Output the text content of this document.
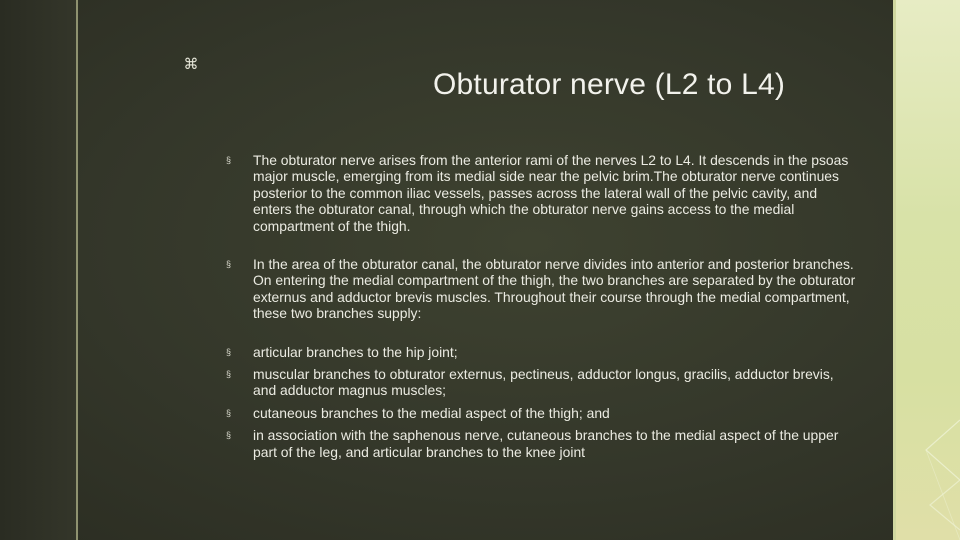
⌘
Obturator nerve (L2 to L4)
§	The obturator nerve arises from the anterior rami of the nerves L2 to L4. It descends in the psoas major muscle, emerging from its medial side near the pelvic brim.The obturator nerve continues posterior to the common iliac vessels, passes across the lateral wall of the pelvic cavity, and enters the obturator canal, through which the obturator nerve gains access to the medial compartment of the thigh.
§	In the area of the obturator canal, the obturator nerve divides into anterior and posterior branches. On entering the medial compartment of the thigh, the two branches are separated by the obturator externus and adductor brevis muscles. Throughout their course through the medial compartment, these two branches supply:
§	articular branches to the hip joint;
§	muscular branches to obturator externus, pectineus, adductor longus, gracilis, adductor brevis, and adductor magnus muscles;
§	cutaneous branches to the medial aspect of the thigh; and
§	in association with the saphenous nerve, cutaneous branches to the medial aspect of the upper part of the leg, and articular branches to the knee joint
